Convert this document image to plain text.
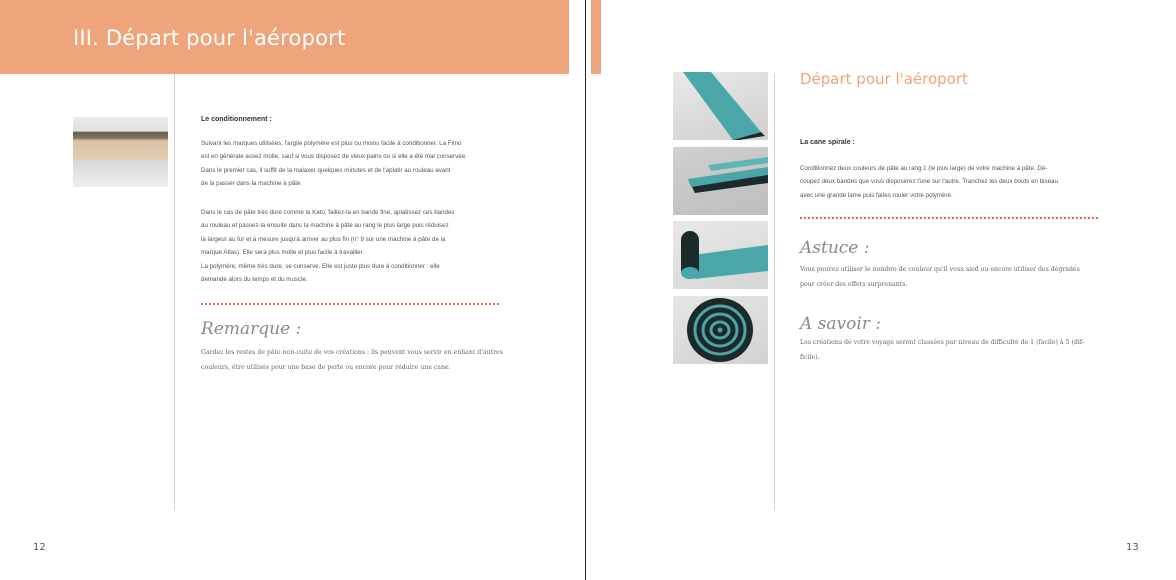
III. Départ pour l'aéroport
Le conditionnement :
Suivant les marques utilisées, l'argile polymère est plus ou moins facile à conditionner. La Fimo
est en générale assez molle, sauf si vous disposez de vieux pains ou si elle a été mal conservée.
Dans le premier cas, il suffit de la malaxer quelques minutes et de l'aplatir au rouleau avant
de la passer dans la machine à pâte.
Dans le cas de pâte très dure comme la Kato, faillez-la en bande fine, aplatissez ces bandes
au rouleau et passez-la ensuite dans la machine à pâte au rang le plus large puis réduisez
la largeur au fur et à mesure jusqu'à arriver au plus fin (n° 9 sur une machine à pâte de la
marque Atlas). Elle sera plus molle et plus facile à travailler.
La polymère, même très dure, se conserve. Elle est juste plus dure à conditionner : elle
demande alors du temps et du muscle.
Remarque :
Gardez les restes de pâte non-cuite de vos créations : ils peuvent vous servir en enliant d'autres
couleurs, être utilisés pour une base de perle ou encore pour réduire une cane.
12
Départ pour l'aéroport
La cane spirale :
Conditionnez deux couleurs de pâte au rang 1 (le plus large) de votre machine à pâte. Dé-
coupez deux bandes que vous disposerez l'une sur l'autre. Tranchez les deux bouts en biseau
avec une grande lame puis faites rouler votre polymère.
Astuce :
Vous pouvez utiliser le nombre de couleur qu'il vous sied ou encore utiliser des dégradés
pour créer des effets surprenants.
A savoir :
Les créations de votre voyage seront classées par niveau de difficulté de 1 (facile) à 5 (dif-
ficile).
13
